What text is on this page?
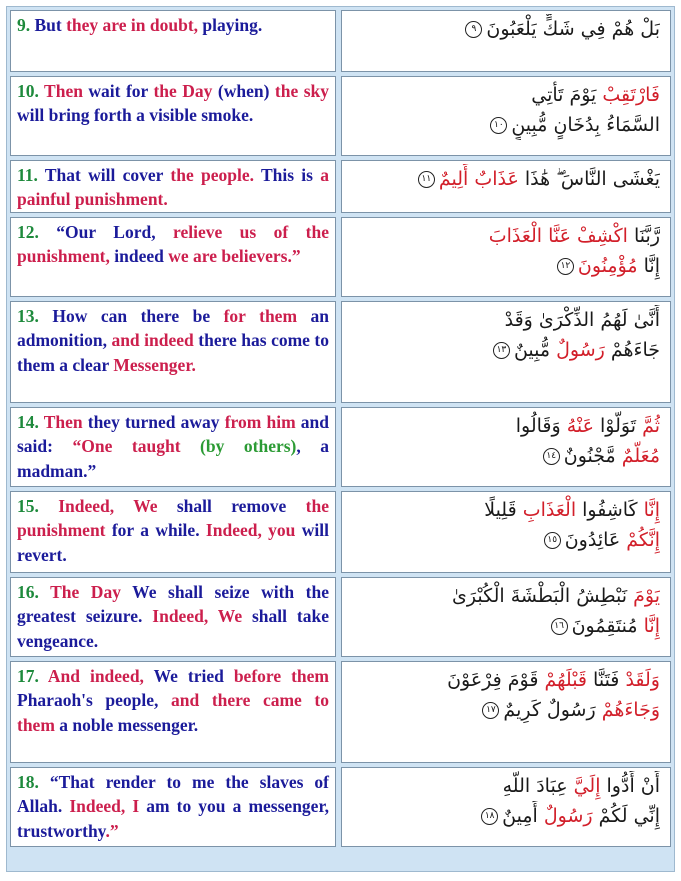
9. But they are in doubt, playing.	بَلْ هُمْ فِي شَكٍّ يَلْعَبُونَ٩
10. Then wait for the Day (when) the sky will bring forth a visible smoke.
فَارْتَقِبْ يَوْمَ تَأْتِي
السَّمَاءُ بِدُخَانٍ مُّبِينٍ١٠
11. That will cover the people. This is a painful punishment.
يَغْشَى النَّاسَ ۖ هَٰذَا عَذَابٌ أَلِيمٌ١١
12. “Our Lord, relieve us of the punishment, indeed we are believers.”
رَّبَّنَا اكْشِفْ عَنَّا الْعَذَابَ
إِنَّا مُؤْمِنُونَ١٢
13. How can there be for them an admonition, and indeed there has come to them a clear Messenger.
أَنَّىٰ لَهُمُ الذِّكْرَىٰ وَقَدْ
جَاءَهُمْ رَسُولٌ مُّبِينٌ١٣
14. Then they turned away from him and said: “One taught (by others), a madman.”
ثُمَّ تَوَلَّوْا عَنْهُ وَقَالُوا
مُعَلَّمٌ مَّجْنُونٌ١٤
15. Indeed, We shall remove the punishment for a while. Indeed, you will revert.
إِنَّا كَاشِفُوا الْعَذَابِ قَلِيلًا
إِنَّكُمْ عَائِدُونَ١٥
16. The Day We shall seize with the greatest seizure. Indeed, We shall take vengeance.
يَوْمَ نَبْطِشُ الْبَطْشَةَ الْكُبْرَىٰ
إِنَّا مُنتَقِمُونَ١٦
17. And indeed, We tried before them Pharaoh's people, and there came to them a noble messenger.
وَلَقَدْ فَتَنَّا قَبْلَهُمْ قَوْمَ فِرْعَوْنَ
وَجَاءَهُمْ رَسُولٌ كَرِيمٌ١٧
18. “That render to me the slaves of Allah. Indeed, I am to you a messenger, trustworthy.”
أَنْ أَدُّوا إِلَيَّ عِبَادَ اللَّهِ
إِنِّي لَكُمْ رَسُولٌ أَمِينٌ١٨
